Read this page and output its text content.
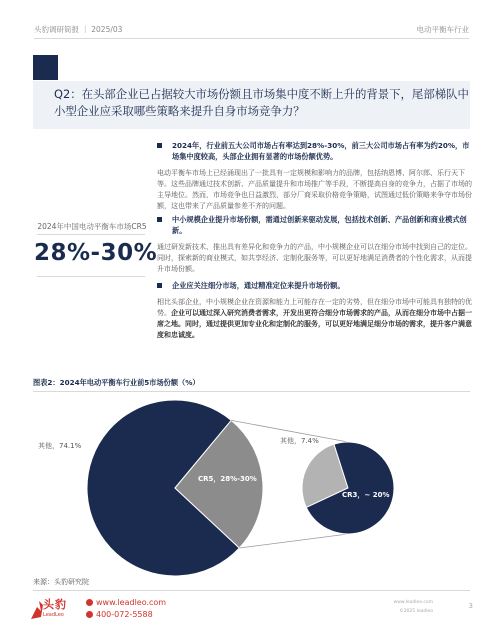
头豹调研简报 ｜ 2025/03	电动平衡车行业
Q2：在头部企业已占据较大市场份额且市场集中度不断上升的背景下，尾部梯队中小型企业应采取哪些策略来提升自身市场竞争力？
2024年中国电动平衡车市场CR5
28%-30%
2024年，行业前五大公司市场占有率达到28%-30%，前三大公司市场占有率为约20%，市场集中度较高，头部企业拥有显著的市场份额优势。
电动平衡车市场上已经涌现出了一批具有一定规模和影响力的品牌，包括纳恩博、阿尔郎、乐行天下等。这些品牌通过技术创新、产品质量提升和市场推广等手段，不断提高自身的竞争力，占据了市场的主导地位。然而，市场竞争也日益激烈，部分厂商采取价格竞争策略，试图通过低价策略来争夺市场份额，这也带来了产品质量参差不齐的问题。
中小规模企业提升市场份额，需通过创新来驱动发展，包括技术创新、产品创新和商业模式创新。
通过研发新技术、推出具有差异化和竞争力的产品，中小规模企业可以在细分市场中找到自己的定位。同时，探索新的商业模式，如共享经济、定制化服务等，可以更好地满足消费者的个性化需求，从而提升市场份额。
企业应关注细分市场，通过精准定位来提升市场份额。
相比头部企业，中小规模企业在资源和能力上可能存在一定的劣势，但在细分市场中可能具有独特的优势。企业可以通过深入研究消费者需求，开发出更符合细分市场需求的产品，从而在细分市场中占据一席之地。同时，通过提供更加专业化和定制化的服务，可以更好地满足细分市场的需求，提升客户满意度和忠诚度。
图表2：2024年电动平衡车行业前5市场份额（%）
其他，74.1%
CR5，28%-30%
其他，7.4%
CR3，~ 20%
来源：头豹研究院
头豹
LeadLeo
www.leadleo.com
400-072-5588
www.leadleo.com
©2025 leadleo
3
